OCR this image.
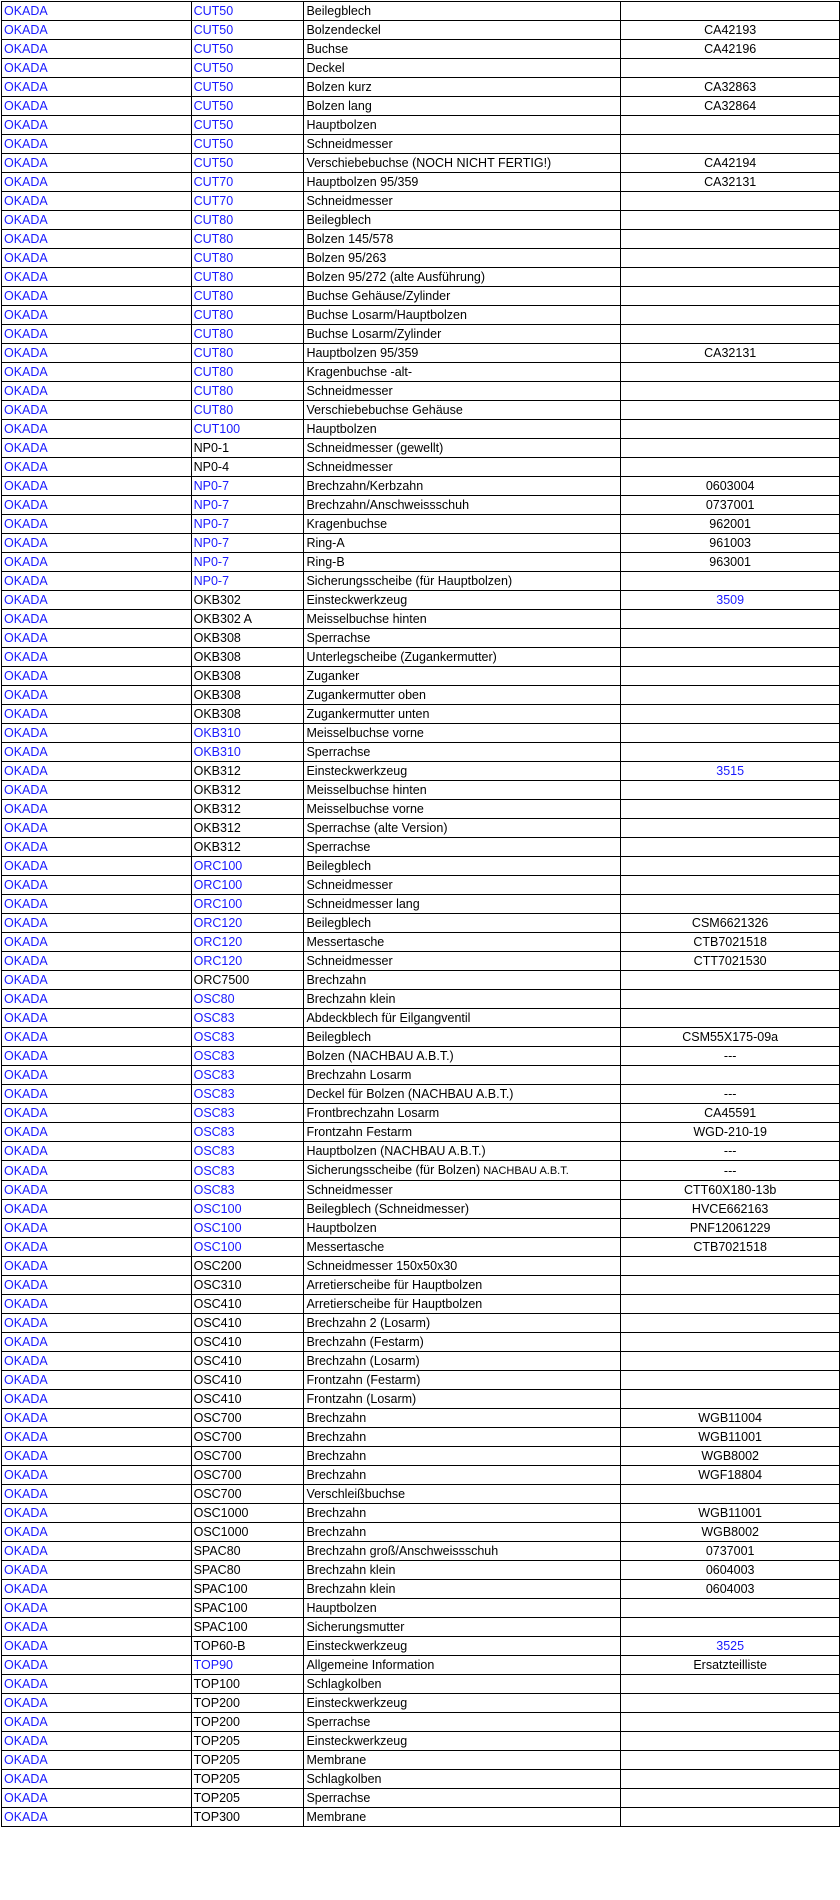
OKADA	CUT50	Beilegblech	
OKADA	CUT50	Bolzendeckel	CA42193
OKADA	CUT50	Buchse	CA42196
OKADA	CUT50	Deckel	
OKADA	CUT50	Bolzen kurz	CA32863
OKADA	CUT50	Bolzen lang	CA32864
OKADA	CUT50	Hauptbolzen	
OKADA	CUT50	Schneidmesser	
OKADA	CUT50	Verschiebebuchse (NOCH NICHT FERTIG!)	CA42194
OKADA	CUT70	Hauptbolzen 95/359	CA32131
OKADA	CUT70	Schneidmesser	
OKADA	CUT80	Beilegblech	
OKADA	CUT80	Bolzen 145/578	
OKADA	CUT80	Bolzen 95/263	
OKADA	CUT80	Bolzen 95/272 (alte Ausführung)	
OKADA	CUT80	Buchse Gehäuse/Zylinder	
OKADA	CUT80	Buchse Losarm/Hauptbolzen	
OKADA	CUT80	Buchse Losarm/Zylinder	
OKADA	CUT80	Hauptbolzen 95/359	CA32131
OKADA	CUT80	Kragenbuchse -alt-	
OKADA	CUT80	Schneidmesser	
OKADA	CUT80	Verschiebebuchse Gehäuse	
OKADA	CUT100	Hauptbolzen	
OKADA	NP0-1	Schneidmesser (gewellt)	
OKADA	NP0-4	Schneidmesser	
OKADA	NP0-7	Brechzahn/Kerbzahn	0603004
OKADA	NP0-7	Brechzahn/Anschweissschuh	0737001
OKADA	NP0-7	Kragenbuchse	962001
OKADA	NP0-7	Ring-A	961003
OKADA	NP0-7	Ring-B	963001
OKADA	NP0-7	Sicherungsscheibe (für Hauptbolzen)	
OKADA	OKB302	Einsteckwerkzeug	3509
OKADA	OKB302 A	Meisselbuchse hinten	
OKADA	OKB308	Sperrachse	
OKADA	OKB308	Unterlegscheibe (Zugankermutter)	
OKADA	OKB308	Zuganker	
OKADA	OKB308	Zugankermutter oben	
OKADA	OKB308	Zugankermutter unten	
OKADA	OKB310	Meisselbuchse vorne	
OKADA	OKB310	Sperrachse	
OKADA	OKB312	Einsteckwerkzeug	3515
OKADA	OKB312	Meisselbuchse hinten	
OKADA	OKB312	Meisselbuchse vorne	
OKADA	OKB312	Sperrachse (alte Version)	
OKADA	OKB312	Sperrachse	
OKADA	ORC100	Beilegblech	
OKADA	ORC100	Schneidmesser	
OKADA	ORC100	Schneidmesser lang	
OKADA	ORC120	Beilegblech	CSM6621326
OKADA	ORC120	Messertasche	CTB7021518
OKADA	ORC120	Schneidmesser	CTT7021530
OKADA	ORC7500	Brechzahn	
OKADA	OSC80	Brechzahn klein	
OKADA	OSC83	Abdeckblech für Eilgangventil	
OKADA	OSC83	Beilegblech	CSM55X175-09a
OKADA	OSC83	Bolzen (NACHBAU A.B.T.)	---
OKADA	OSC83	Brechzahn Losarm	
OKADA	OSC83	Deckel für Bolzen (NACHBAU A.B.T.)	---
OKADA	OSC83	Frontbrechzahn Losarm	CA45591
OKADA	OSC83	Frontzahn Festarm	WGD-210-19
OKADA	OSC83	Hauptbolzen (NACHBAU A.B.T.)	---
OKADA	OSC83	Sicherungsscheibe (für Bolzen) NACHBAU A.B.T.	---
OKADA	OSC83	Schneidmesser	CTT60X180-13b
OKADA	OSC100	Beilegblech (Schneidmesser)	HVCE662163
OKADA	OSC100	Hauptbolzen	PNF12061229
OKADA	OSC100	Messertasche	CTB7021518
OKADA	OSC200	Schneidmesser 150x50x30	
OKADA	OSC310	Arretierscheibe für Hauptbolzen	
OKADA	OSC410	Arretierscheibe für Hauptbolzen	
OKADA	OSC410	Brechzahn 2 (Losarm)	
OKADA	OSC410	Brechzahn (Festarm)	
OKADA	OSC410	Brechzahn (Losarm)	
OKADA	OSC410	Frontzahn (Festarm)	
OKADA	OSC410	Frontzahn (Losarm)	
OKADA	OSC700	Brechzahn	WGB11004
OKADA	OSC700	Brechzahn	WGB11001
OKADA	OSC700	Brechzahn	WGB8002
OKADA	OSC700	Brechzahn	WGF18804
OKADA	OSC700	Verschleißbuchse	
OKADA	OSC1000	Brechzahn	WGB11001
OKADA	OSC1000	Brechzahn	WGB8002
OKADA	SPAC80	Brechzahn groß/Anschweissschuh	0737001
OKADA	SPAC80	Brechzahn klein	0604003
OKADA	SPAC100	Brechzahn klein	0604003
OKADA	SPAC100	Hauptbolzen	
OKADA	SPAC100	Sicherungsmutter	
OKADA	TOP60-B	Einsteckwerkzeug	3525
OKADA	TOP90	Allgemeine Information	Ersatzteilliste
OKADA	TOP100	Schlagkolben	
OKADA	TOP200	Einsteckwerkzeug	
OKADA	TOP200	Sperrachse	
OKADA	TOP205	Einsteckwerkzeug	
OKADA	TOP205	Membrane	
OKADA	TOP205	Schlagkolben	
OKADA	TOP205	Sperrachse	
OKADA	TOP300	Membrane	
